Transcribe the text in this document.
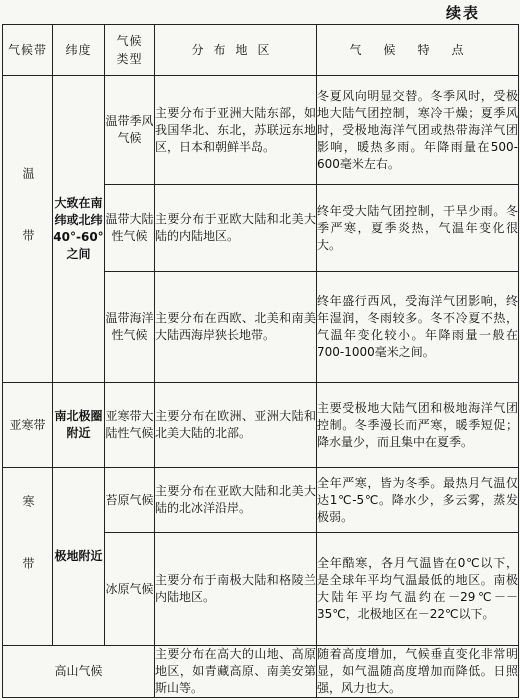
续表
气候带	纬度	气候类型	分布地区	气候特点

温带	大致在南纬或北纬40°-60°之间	温带季风气候	主要分布于亚洲大陆东部，如我国华北、东北，苏联远东地区，日本和朝鲜半岛。	冬夏风向明显交替。冬季风时，受极地大陆气团控制，寒冷干燥；夏季风时，受极地海洋气团或热带海洋气团影响，暖热多雨。年降雨量在500-600毫米左右。
		温带大陆性气候	主要分布于亚欧大陆和北美大陆的内陆地区。	终年受大陆气团控制，干旱少雨。冬季严寒，夏季炎热，气温年变化很大。
		温带海洋性气候	主要分布在西欧、北美和南美大陆西海岸狭长地带。	终年盛行西风，受海洋气团影响，终年湿润，冬雨较多。冬不冷夏不热，气温年变化较小。年降雨量一般在700-1000毫米之间。
亚寒带	南北极圈附近	亚寒带大陆性气候	主要分布在欧洲、亚洲大陆和北美大陆的北部。	主要受极地大陆气团和极地海洋气团控制。冬季漫长而严寒，暖季短促；降水量少，而且集中在夏季。

寒带	极地附近	苔原气候	主要分布在亚欧大陆和北美大陆的北冰洋沿岸。	全年严寒，皆为冬季。最热月气温仅达1℃-5℃。降水少，多云雾，蒸发极弱。
		冰原气候	主要分布于南极大陆和格陵兰内陆地区。	全年酷寒，各月气温皆在0℃以下，是全球年平均气温最低的地区。南极大陆年平均气温约在－29℃－－35℃，北极地区在－22℃以下。
高山气候			主要分布在高大的山地、高原地区，如青藏高原、南美安第斯山等。	随着高度增加，气候垂直变化非常明显，如气温随高度增加而降低。日照强，风力也大。
